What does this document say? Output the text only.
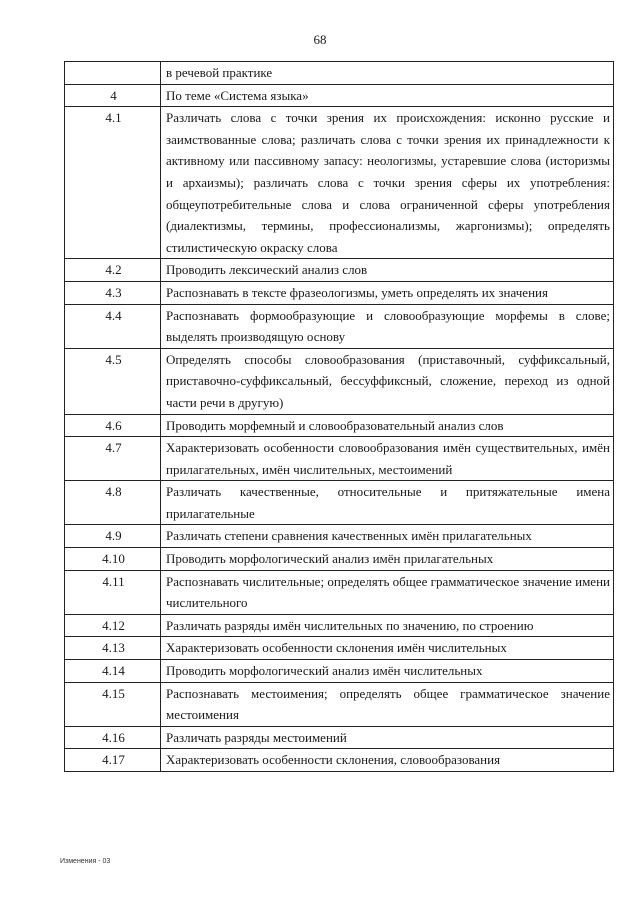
68
	в речевой практике
4	По теме «Система языка»
4.1	Различать слова с точки зрения их происхождения: исконно русские и заимствованные слова; различать слова с точки зрения их принадлежности к активному или пассивному запасу: неологизмы, устаревшие слова (историзмы и архаизмы); различать слова с точки зрения сферы их употребления: общеупотребительные слова и слова ограниченной сферы употребления (диалектизмы, термины, профессионализмы, жаргонизмы); определять стилистическую окраску слова
4.2	Проводить лексический анализ слов
4.3	Распознавать в тексте фразеологизмы, уметь определять их значения
4.4	Распознавать формообразующие и словообразующие морфемы в слове; выделять производящую основу
4.5	Определять способы словообразования (приставочный, суффиксальный, приставочно-суффиксальный, бессуффиксный, сложение, переход из одной части речи в другую)
4.6	Проводить морфемный и словообразовательный анализ слов
4.7	Характеризовать особенности словообразования имён существительных, имён прилагательных, имён числительных, местоимений
4.8	Различать качественные, относительные и притяжательные имена прилагательные
4.9	Различать степени сравнения качественных имён прилагательных
4.10	Проводить морфологический анализ имён прилагательных
4.11	Распознавать числительные; определять общее грамматическое значение имени числительного
4.12	Различать разряды имён числительных по значению, по строению
4.13	Характеризовать особенности склонения имён числительных
4.14	Проводить морфологический анализ имён числительных
4.15	Распознавать местоимения; определять общее грамматическое значение местоимения
4.16	Различать разряды местоимений
4.17	Характеризовать особенности склонения, словообразования
Изменения - 03
